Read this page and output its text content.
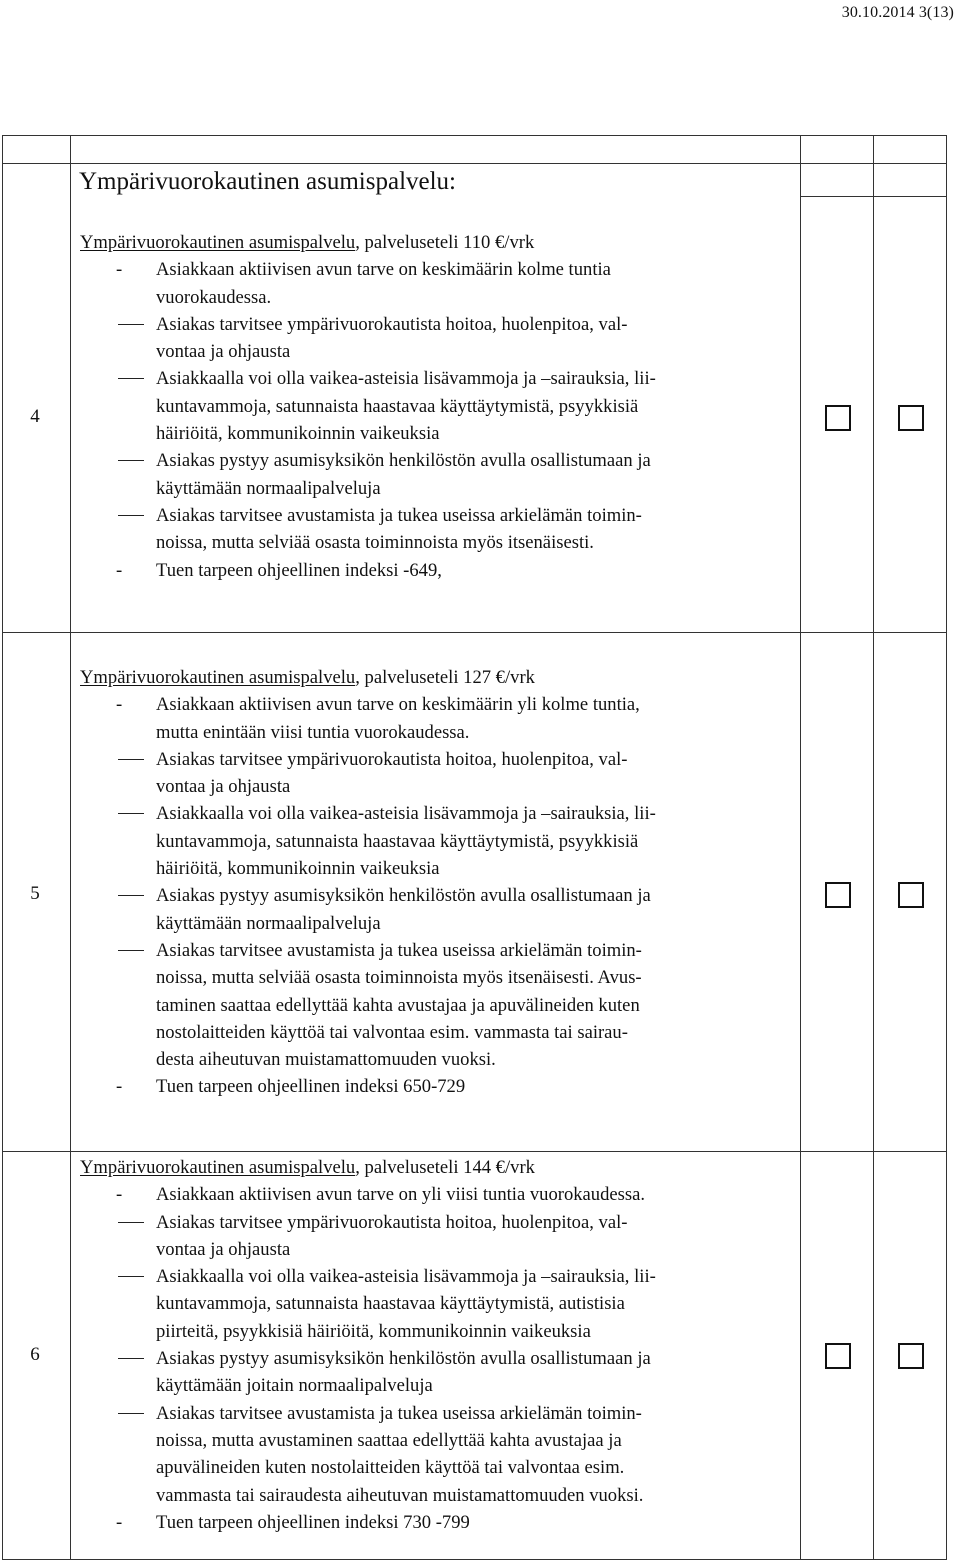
30.10.2014 3(13)
Ympärivuorokautinen asumispalvelu:
4
Ympärivuorokautinen asumispalvelu, palveluseteli 110 €/vrk
- Asiakkaan aktiivisen avun tarve on keskimäärin kolme tuntia
vuorokaudessa.
Asiakas tarvitsee ympärivuorokautista hoitoa, huolenpitoa, val-
vontaa ja ohjausta
Asiakkaalla voi olla vaikea-asteisia lisävammoja ja –sairauksia, lii-
kuntavammoja, satunnaista haastavaa käyttäytymistä, psyykkisiä
häiriöitä, kommunikoinnin vaikeuksia
Asiakas pystyy asumisyksikön henkilöstön avulla osallistumaan ja
käyttämään normaalipalveluja
Asiakas tarvitsee avustamista ja tukea useissa arkielämän toimin-
noissa, mutta selviää osasta toiminnoista myös itsenäisesti.
- Tuen tarpeen ohjeellinen indeksi -649,
5
Ympärivuorokautinen asumispalvelu, palveluseteli 127 €/vrk
- Asiakkaan aktiivisen avun tarve on keskimäärin yli kolme tuntia,
mutta enintään viisi tuntia vuorokaudessa.
Asiakas tarvitsee ympärivuorokautista hoitoa, huolenpitoa, val-
vontaa ja ohjausta
Asiakkaalla voi olla vaikea-asteisia lisävammoja ja –sairauksia, lii-
kuntavammoja, satunnaista haastavaa käyttäytymistä, psyykkisiä
häiriöitä, kommunikoinnin vaikeuksia
Asiakas pystyy asumisyksikön henkilöstön avulla osallistumaan ja
käyttämään normaalipalveluja
Asiakas tarvitsee avustamista ja tukea useissa arkielämän toimin-
noissa, mutta selviää osasta toiminnoista myös itsenäisesti. Avus-
taminen saattaa edellyttää kahta avustajaa ja apuvälineiden kuten
nostolaitteiden käyttöä tai valvontaa esim. vammasta tai sairau-
desta aiheutuvan muistamattomuuden vuoksi.
- Tuen tarpeen ohjeellinen indeksi 650-729
6
Ympärivuorokautinen asumispalvelu, palveluseteli 144 €/vrk
- Asiakkaan aktiivisen avun tarve on yli viisi tuntia vuorokaudessa.
Asiakas tarvitsee ympärivuorokautista hoitoa, huolenpitoa, val-
vontaa ja ohjausta
Asiakkaalla voi olla vaikea-asteisia lisävammoja ja –sairauksia, lii-
kuntavammoja, satunnaista haastavaa käyttäytymistä, autistisia
piirteitä, psyykkisiä häiriöitä, kommunikoinnin vaikeuksia
Asiakas pystyy asumisyksikön henkilöstön avulla osallistumaan ja
käyttämään joitain normaalipalveluja
Asiakas tarvitsee avustamista ja tukea useissa arkielämän toimin-
noissa, mutta avustaminen saattaa edellyttää kahta avustajaa ja
apuvälineiden kuten nostolaitteiden käyttöä tai valvontaa esim.
vammasta tai sairaudesta aiheutuvan muistamattomuuden vuoksi.
- Tuen tarpeen ohjeellinen indeksi 730 -799
